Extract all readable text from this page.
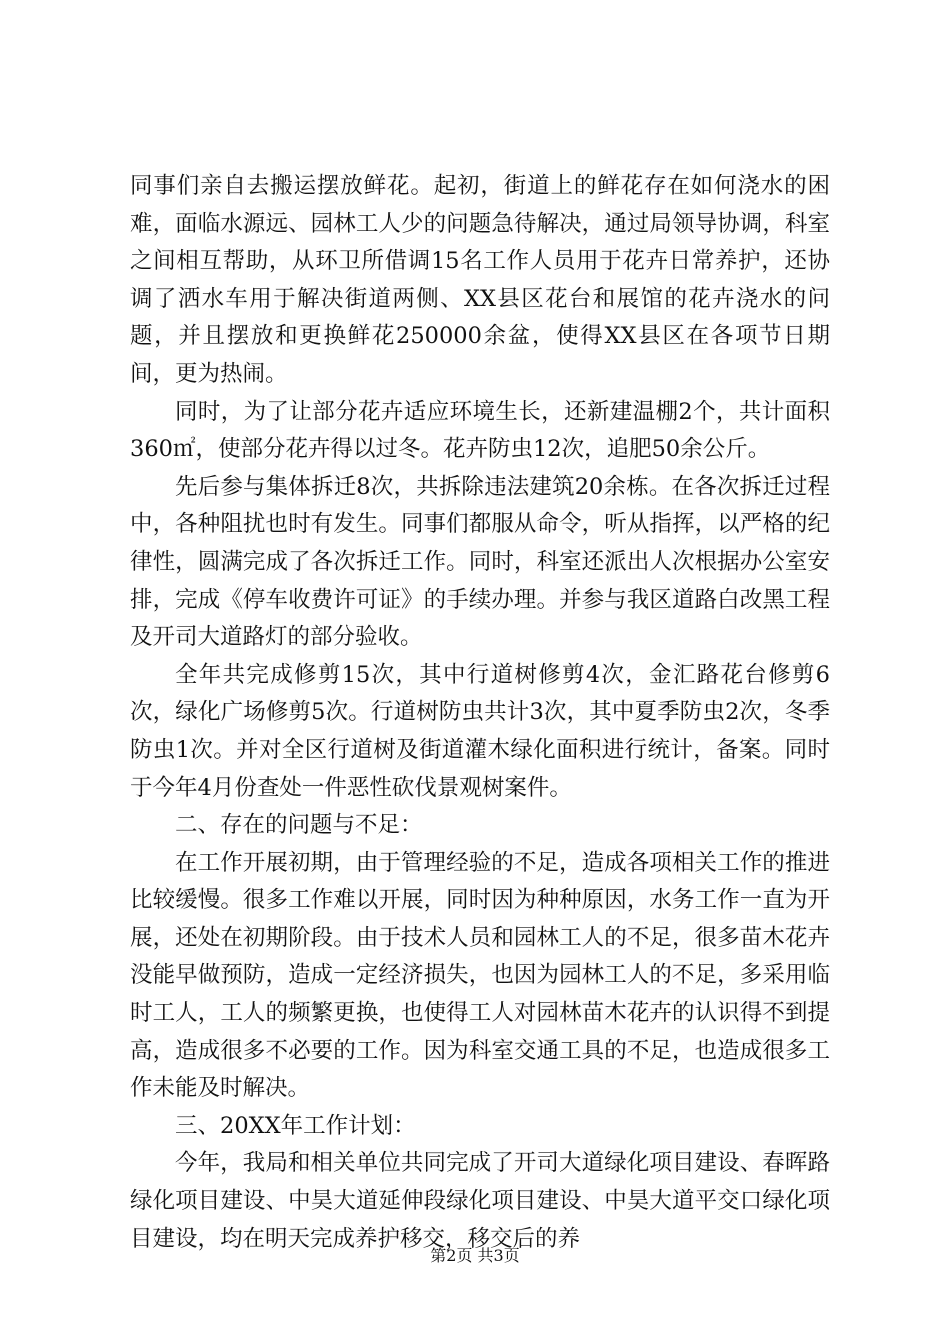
同事们亲自去搬运摆放鲜花。起初，街道上的鲜花存在如何浇水的困难，面临水源远、园林工人少的问题急待解决，通过局领导协调，科室之间相互帮助，从环卫所借调15名工作人员用于花卉日常养护，还协调了洒水车用于解决街道两侧、XX县区花台和展馆的花卉浇水的问题，并且摆放和更换鲜花250000余盆，使得XX县区在各项节日期间，更为热闹。

同时，为了让部分花卉适应环境生长，还新建温棚2个，共计面积360㎡，使部分花卉得以过冬。花卉防虫12次，追肥50余公斤。

先后参与集体拆迁8次，共拆除违法建筑20余栋。在各次拆迁过程中，各种阻扰也时有发生。同事们都服从命令，听从指挥，以严格的纪律性，圆满完成了各次拆迁工作。同时，科室还派出人次根据办公室安排，完成《停车收费许可证》的手续办理。并参与我区道路白改黑工程及开司大道路灯的部分验收。

全年共完成修剪15次，其中行道树修剪4次，金汇路花台修剪6次，绿化广场修剪5次。行道树防虫共计3次，其中夏季防虫2次，冬季防虫1次。并对全区行道树及街道灌木绿化面积进行统计，备案。同时于今年4月份查处一件恶性砍伐景观树案件。

二、存在的问题与不足：

在工作开展初期，由于管理经验的不足，造成各项相关工作的推进比较缓慢。很多工作难以开展，同时因为种种原因，水务工作一直为开展，还处在初期阶段。由于技术人员和园林工人的不足，很多苗木花卉没能早做预防，造成一定经济损失，也因为园林工人的不足，多采用临时工人，工人的频繁更换，也使得工人对园林苗木花卉的认识得不到提高，造成很多不必要的工作。因为科室交通工具的不足，也造成很多工作未能及时解决。

三、20XX年工作计划：

今年，我局和相关单位共同完成了开司大道绿化项目建设、春晖路绿化项目建设、中昊大道延伸段绿化项目建设、中昊大道平交口绿化项目建设，均在明天完成养护移交，移交后的养

第2页 共3页
